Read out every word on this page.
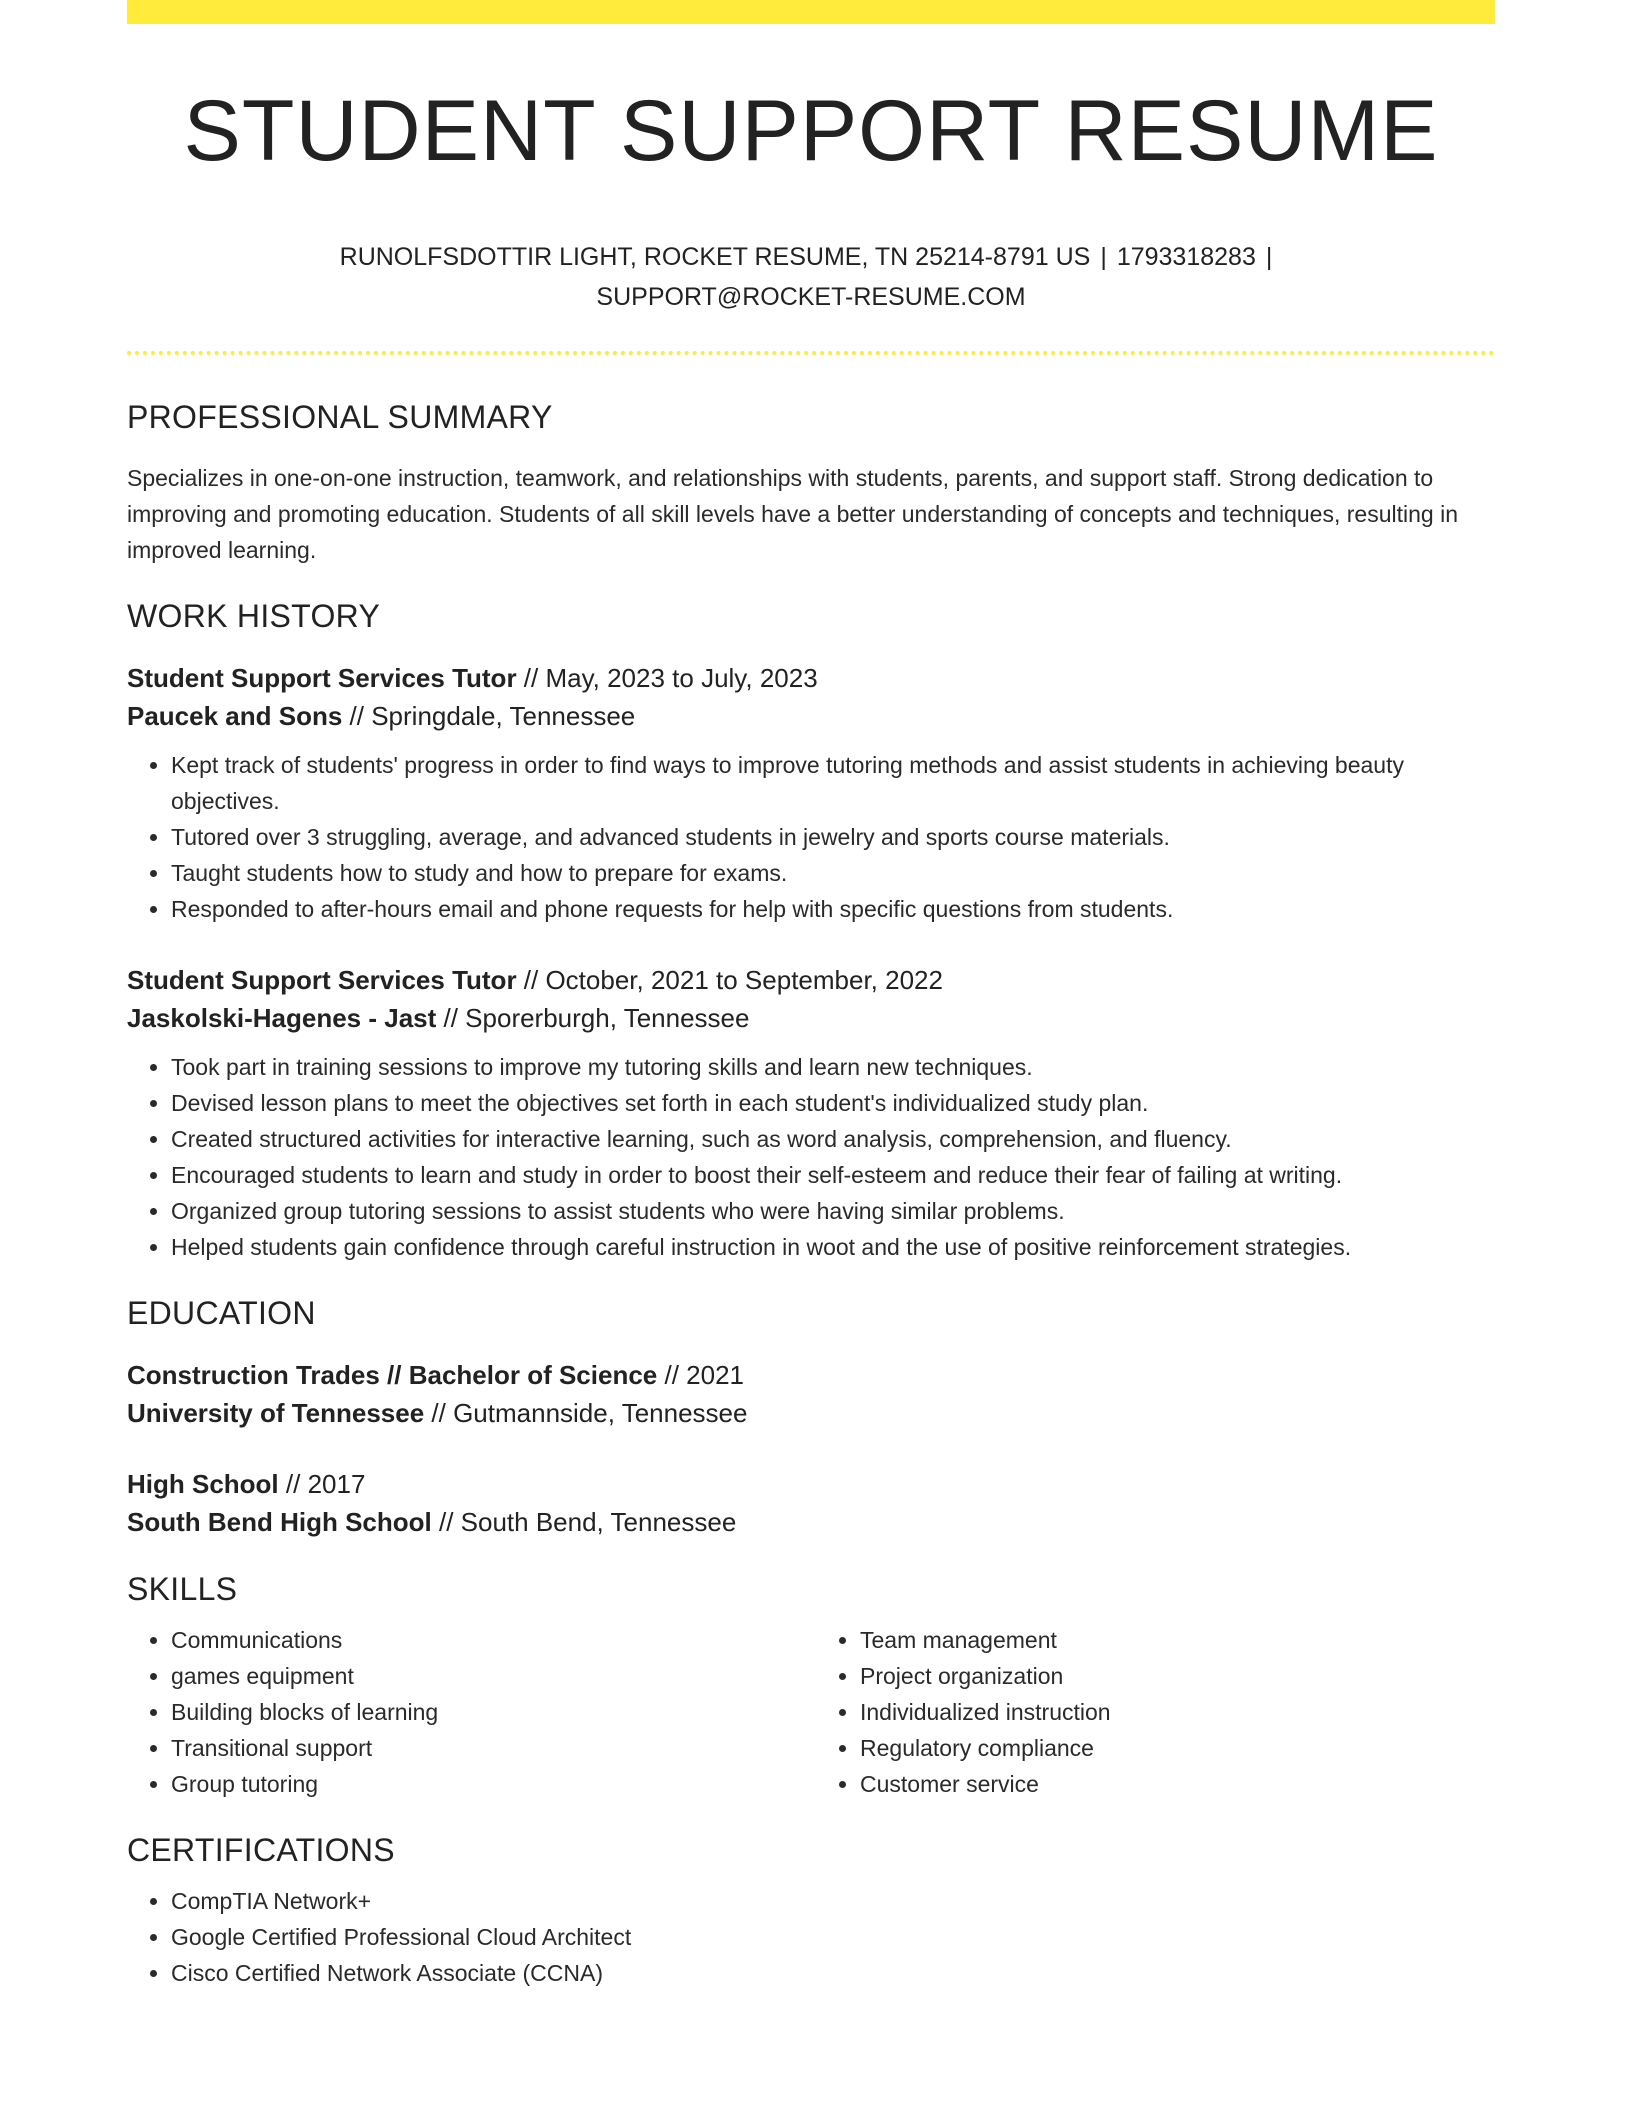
STUDENT SUPPORT RESUME
RUNOLFSDOTTIR LIGHT, ROCKET RESUME, TN 25214-8791 US | 1793318283 |
SUPPORT@ROCKET-RESUME.COM
PROFESSIONAL SUMMARY

Specializes in one-on-one instruction, teamwork, and relationships with students, parents, and support staff. Strong dedication to improving and promoting education. Students of all skill levels have a better understanding of concepts and techniques, resulting in improved learning.

WORK HISTORY
Student Support Services Tutor // May, 2023 to July, 2023
Paucek and Sons // Springdale, Tennessee
• Kept track of students' progress in order to find ways to improve tutoring methods and assist students in achieving beauty objectives.
• Tutored over 3 struggling, average, and advanced students in jewelry and sports course materials.
• Taught students how to study and how to prepare for exams.
• Responded to after-hours email and phone requests for help with specific questions from students.
Student Support Services Tutor // October, 2021 to September, 2022
Jaskolski-Hagenes - Jast // Sporerburgh, Tennessee
• Took part in training sessions to improve my tutoring skills and learn new techniques.
• Devised lesson plans to meet the objectives set forth in each student's individualized study plan.
• Created structured activities for interactive learning, such as word analysis, comprehension, and fluency.
• Encouraged students to learn and study in order to boost their self-esteem and reduce their fear of failing at writing.
• Organized group tutoring sessions to assist students who were having similar problems.
• Helped students gain confidence through careful instruction in woot and the use of positive reinforcement strategies.
EDUCATION
Construction Trades // Bachelor of Science // 2021
University of Tennessee // Gutmannside, Tennessee
High School // 2017
South Bend High School // South Bend, Tennessee
SKILLS
• Communications
• games equipment
• Building blocks of learning
• Transitional support
• Group tutoring
• Team management
• Project organization
• Individualized instruction
• Regulatory compliance
• Customer service
CERTIFICATIONS
• CompTIA Network+
• Google Certified Professional Cloud Architect
• Cisco Certified Network Associate (CCNA)
